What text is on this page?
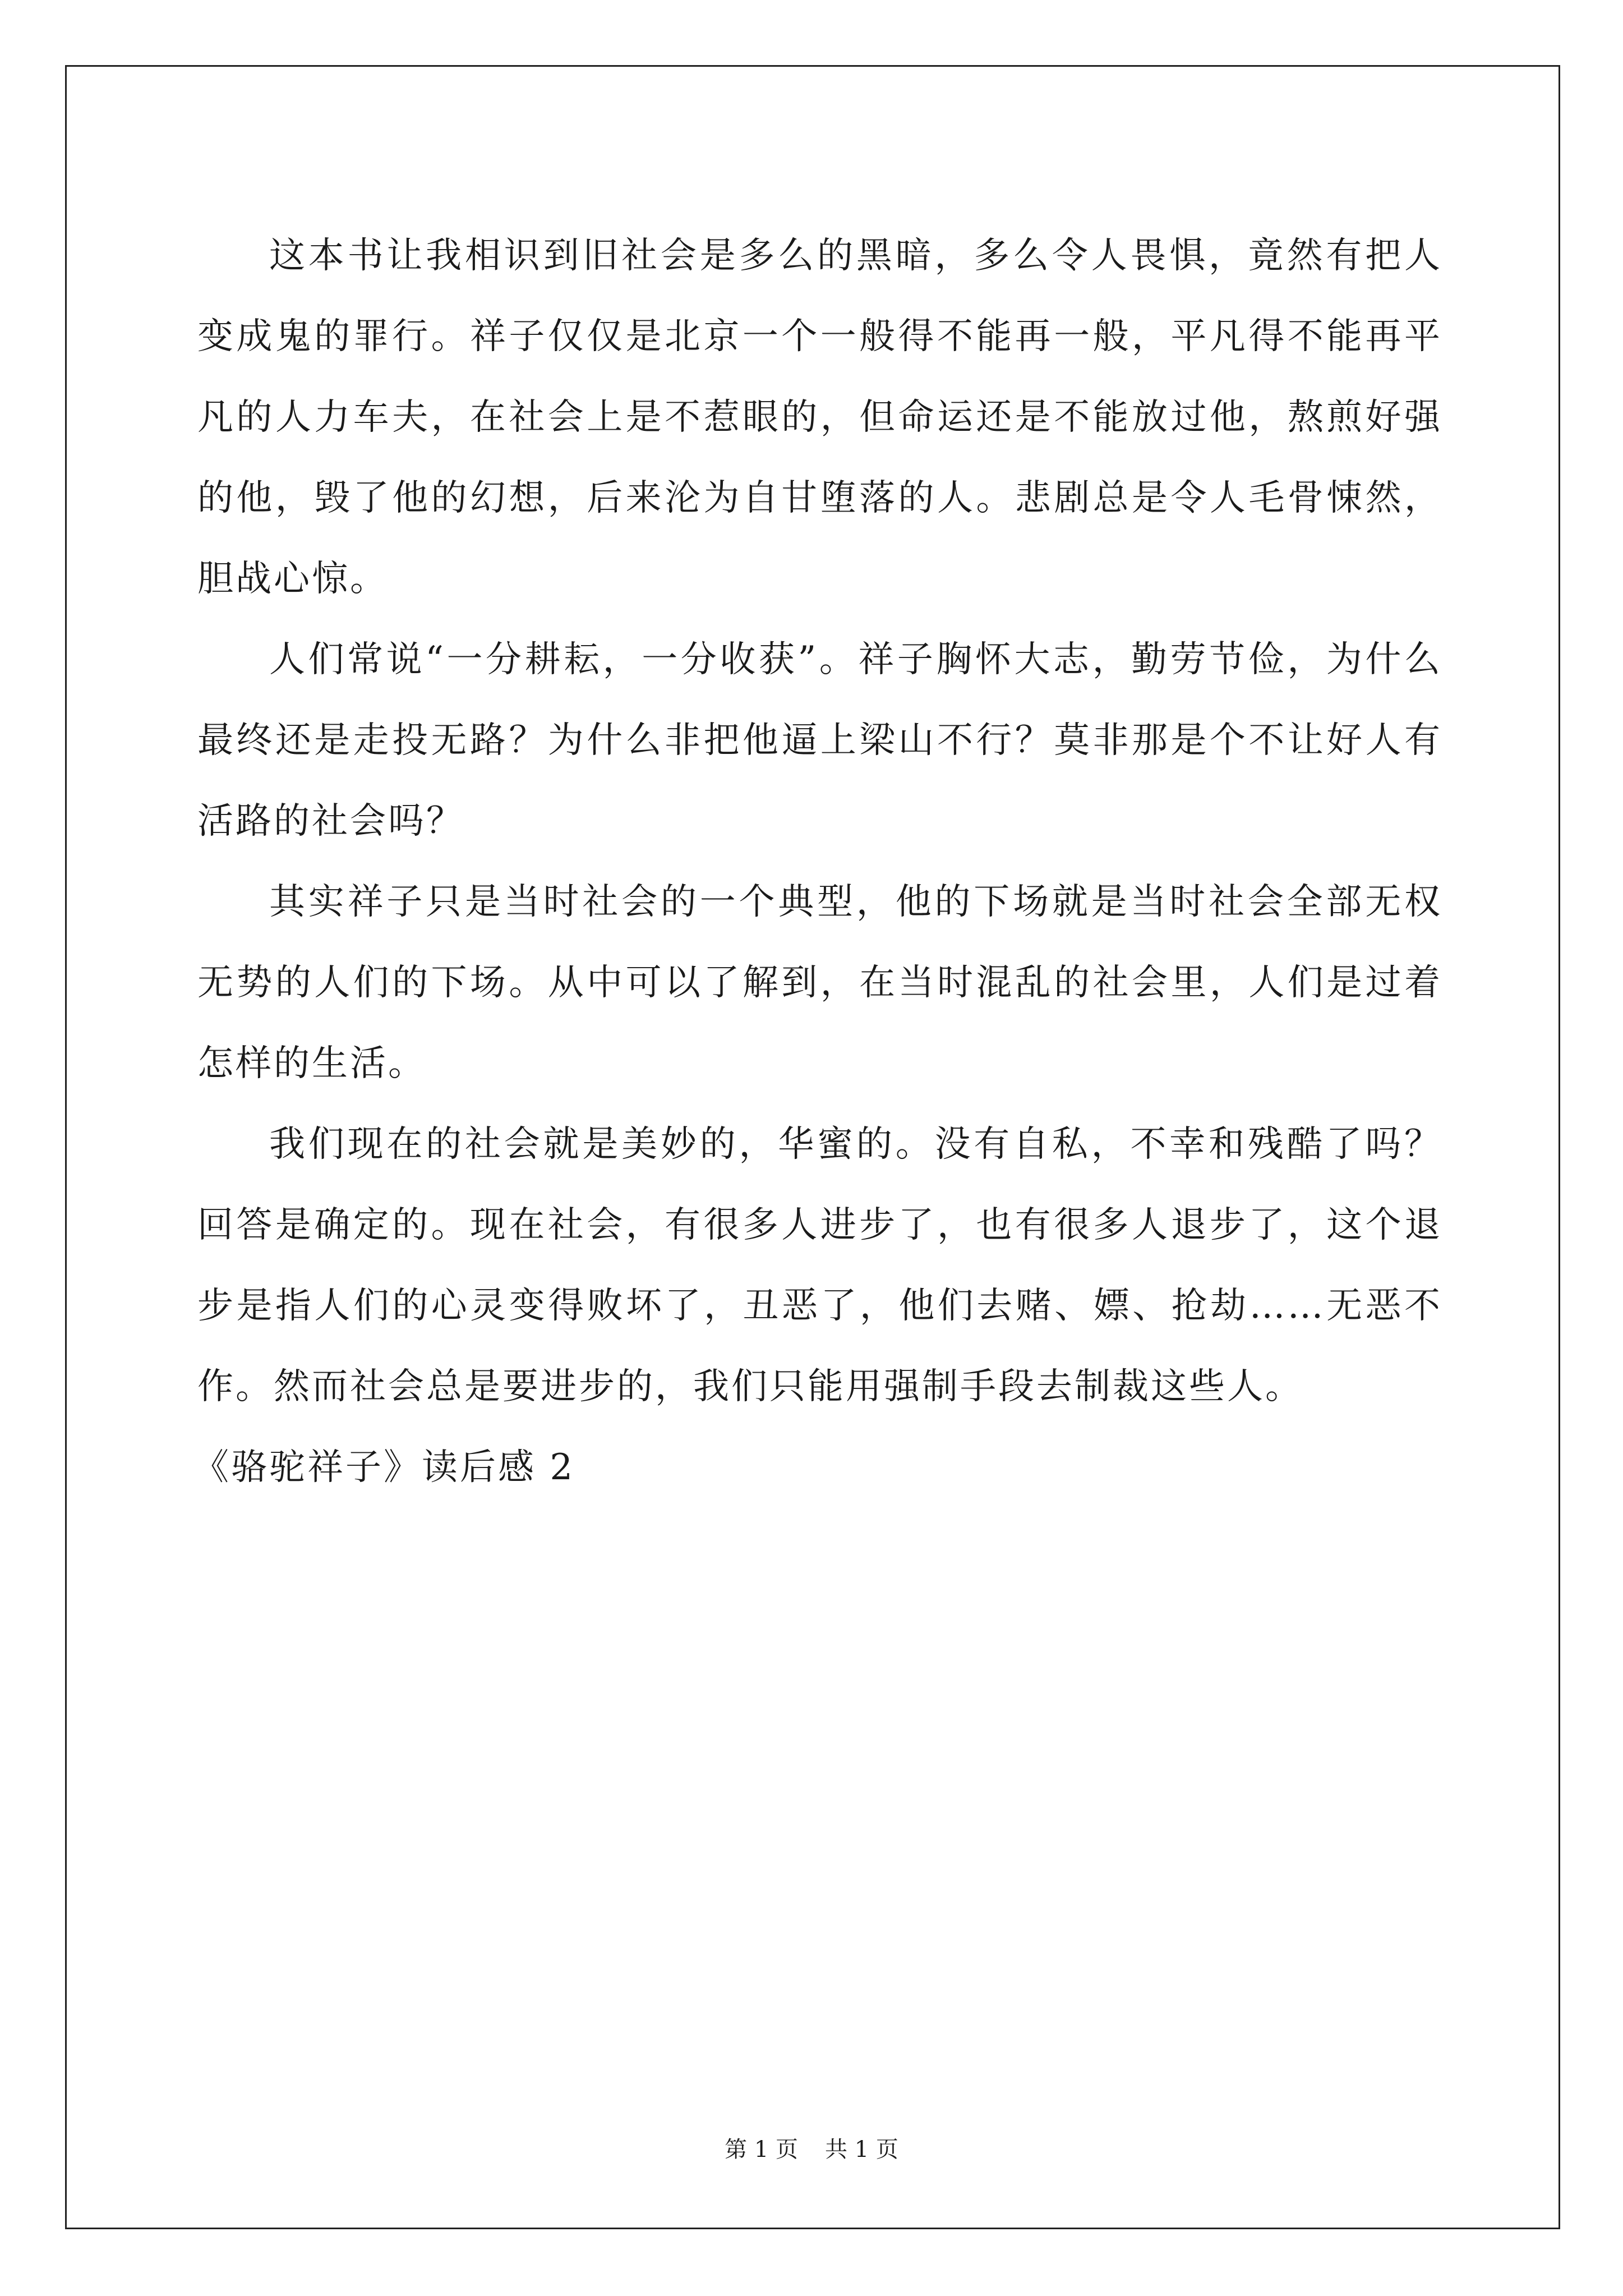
这本书让我相识到旧社会是多么的黑暗，多么令人畏惧，竟然有把人变成鬼的罪行。祥子仅仅是北京一个一般得不能再一般，平凡得不能再平凡的人力车夫，在社会上是不惹眼的，但命运还是不能放过他，熬煎好强的他，毁了他的幻想，后来沦为自甘堕落的人。悲剧总是令人毛骨悚然，胆战心惊。

人们常说“一分耕耘，一分收获”。祥子胸怀大志，勤劳节俭，为什么最终还是走投无路？为什么非把他逼上梁山不行？莫非那是个不让好人有活路的社会吗？

其实祥子只是当时社会的一个典型，他的下场就是当时社会全部无权无势的人们的下场。从中可以了解到，在当时混乱的社会里，人们是过着怎样的生活。

我们现在的社会就是美妙的，华蜜的。没有自私，不幸和残酷了吗？回答是确定的。现在社会，有很多人进步了，也有很多人退步了，这个退步是指人们的心灵变得败坏了，丑恶了，他们去赌、嫖、抢劫……无恶不作。然而社会总是要进步的，我们只能用强制手段去制裁这些人。

《骆驼祥子》读后感 2

第 1 页 共 1 页
